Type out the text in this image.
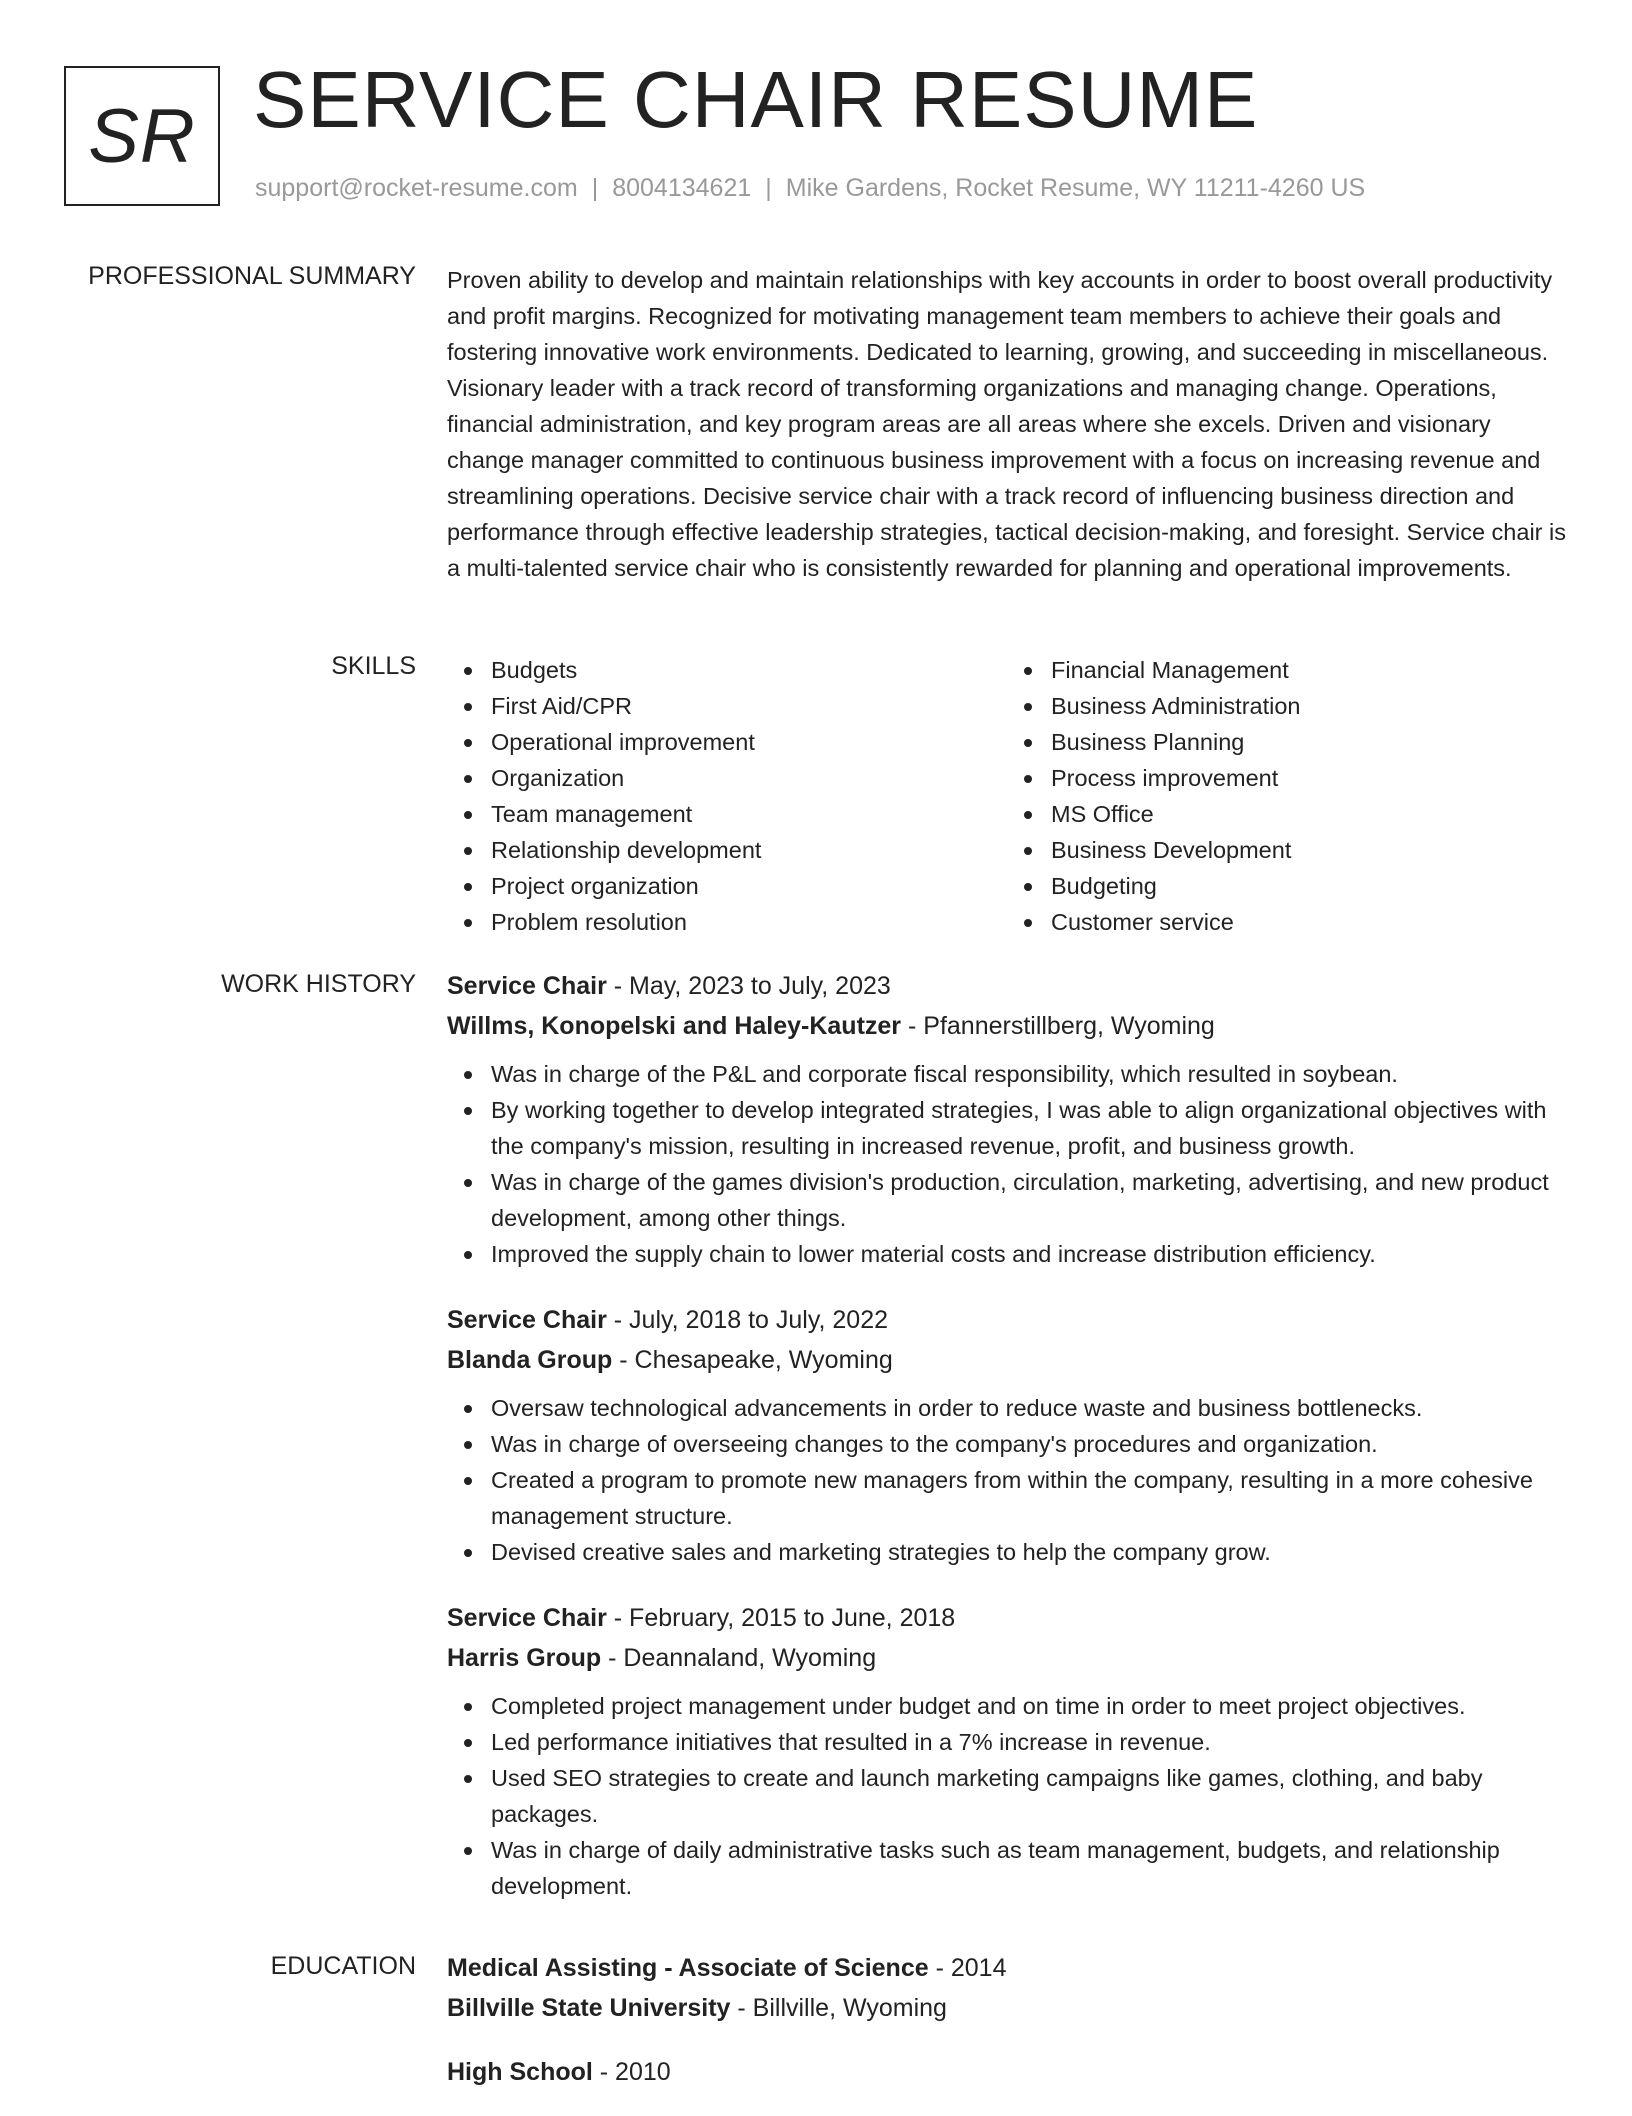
SR SERVICE CHAIR RESUME
support@rocket-resume.com | 8004134621 | Mike Gardens, Rocket Resume, WY 11211-4260 US
PROFESSIONAL SUMMARY Proven ability to develop and maintain relationships with key accounts in order to boost overall productivity and profit margins. Recognized for motivating management team members to achieve their goals and fostering innovative work environments. Dedicated to learning, growing, and succeeding in miscellaneous. Visionary leader with a track record of transforming organizations and managing change. Operations, financial administration, and key program areas are all areas where she excels. Driven and visionary change manager committed to continuous business improvement with a focus on increasing revenue and streamlining operations. Decisive service chair with a track record of influencing business direction and performance through effective leadership strategies, tactical decision-making, and foresight. Service chair is a multi-talented service chair who is consistently rewarded for planning and operational improvements.

SKILLS	Budgets
First Aid/CPR
Operational improvement
Organization
Team management
Relationship development
Project organization
Problem resolution
Financial Management
Business Administration
Business Planning
Process improvement
MS Office
Business Development
Budgeting
Customer service
WORK HISTORY Service Chair - May, 2023 to July, 2023
Willms, Konopelski and Haley-Kautzer - Pfannerstillberg, Wyoming
Was in charge of the P&L and corporate fiscal responsibility, which resulted in soybean.
By working together to develop integrated strategies, I was able to align organizational objectives with the company's mission, resulting in increased revenue, profit, and business growth.
Was in charge of the games division's production, circulation, marketing, advertising, and new product development, among other things.
Improved the supply chain to lower material costs and increase distribution efficiency.
Service Chair - July, 2018 to July, 2022
Blanda Group - Chesapeake, Wyoming
Oversaw technological advancements in order to reduce waste and business bottlenecks.
Was in charge of overseeing changes to the company's procedures and organization.
Created a program to promote new managers from within the company, resulting in a more cohesive management structure.
Devised creative sales and marketing strategies to help the company grow.
Service Chair - February, 2015 to June, 2018
Harris Group - Deannaland, Wyoming
Completed project management under budget and on time in order to meet project objectives.
Led performance initiatives that resulted in a 7% increase in revenue.
Used SEO strategies to create and launch marketing campaigns like games, clothing, and baby packages.
Was in charge of daily administrative tasks such as team management, budgets, and relationship development.
EDUCATION Medical Assisting - Associate of Science - 2014
Billville State University - Billville, Wyoming
High School - 2010
